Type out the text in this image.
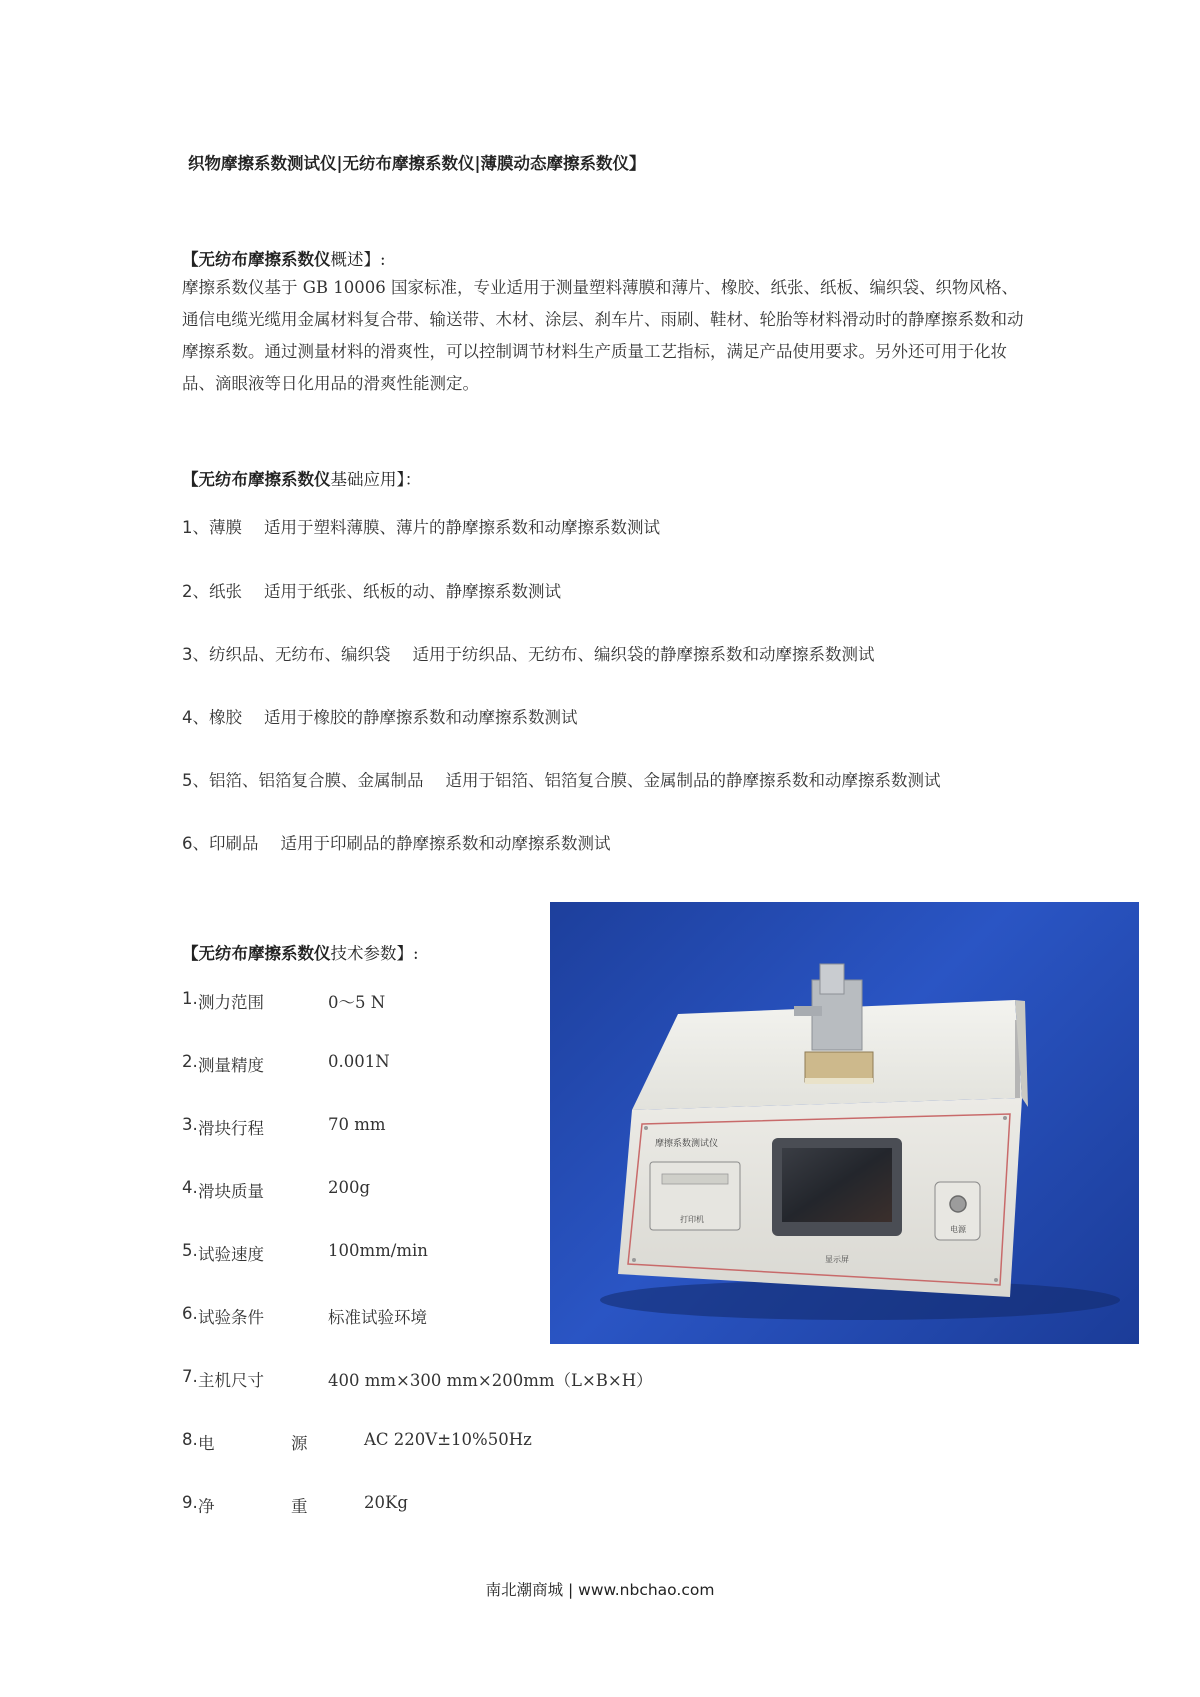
织物摩擦系数测试仪|无纺布摩擦系数仪|薄膜动态摩擦系数仪】
【无纺布摩擦系数仪概述】:
摩擦系数仪基于 GB 10006 国家标准，专业适用于测量塑料薄膜和薄片、橡胶、纸张、纸板、编织袋、织物风格、通信电缆光缆用金属材料复合带、输送带、木材、涂层、刹车片、雨刷、鞋材、轮胎等材料滑动时的静摩擦系数和动摩擦系数。通过测量材料的滑爽性，可以控制调节材料生产质量工艺指标，满足产品使用要求。另外还可用于化妆品、滴眼液等日化用品的滑爽性能测定。
【无纺布摩擦系数仪基础应用】：
1、薄膜 适用于塑料薄膜、薄片的静摩擦系数和动摩擦系数测试
2、纸张 适用于纸张、纸板的动、静摩擦系数测试
3、纺织品、无纺布、编织袋 适用于纺织品、无纺布、编织袋的静摩擦系数和动摩擦系数测试
4、橡胶 适用于橡胶的静摩擦系数和动摩擦系数测试
5、铝箔、铝箔复合膜、金属制品 适用于铝箔、铝箔复合膜、金属制品的静摩擦系数和动摩擦系数测试
6、印刷品 适用于印刷品的静摩擦系数和动摩擦系数测试
【无纺布摩擦系数仪技术参数】:
1. 测力范围	0～5 N
2. 测量精度	0.001N
3. 滑块行程	70 mm
4. 滑块质量	200g
5. 试验速度	100mm/min
6. 试验条件	标准试验环境
7. 主机尺寸	400 mm×300 mm×200mm（L×B×H）
8. 电	源	AC 220V±10%50Hz
9. 净	重	20Kg
摩擦系数测试仪
打印机
显示屏
电源
南北潮商城 | www.nbchao.com
